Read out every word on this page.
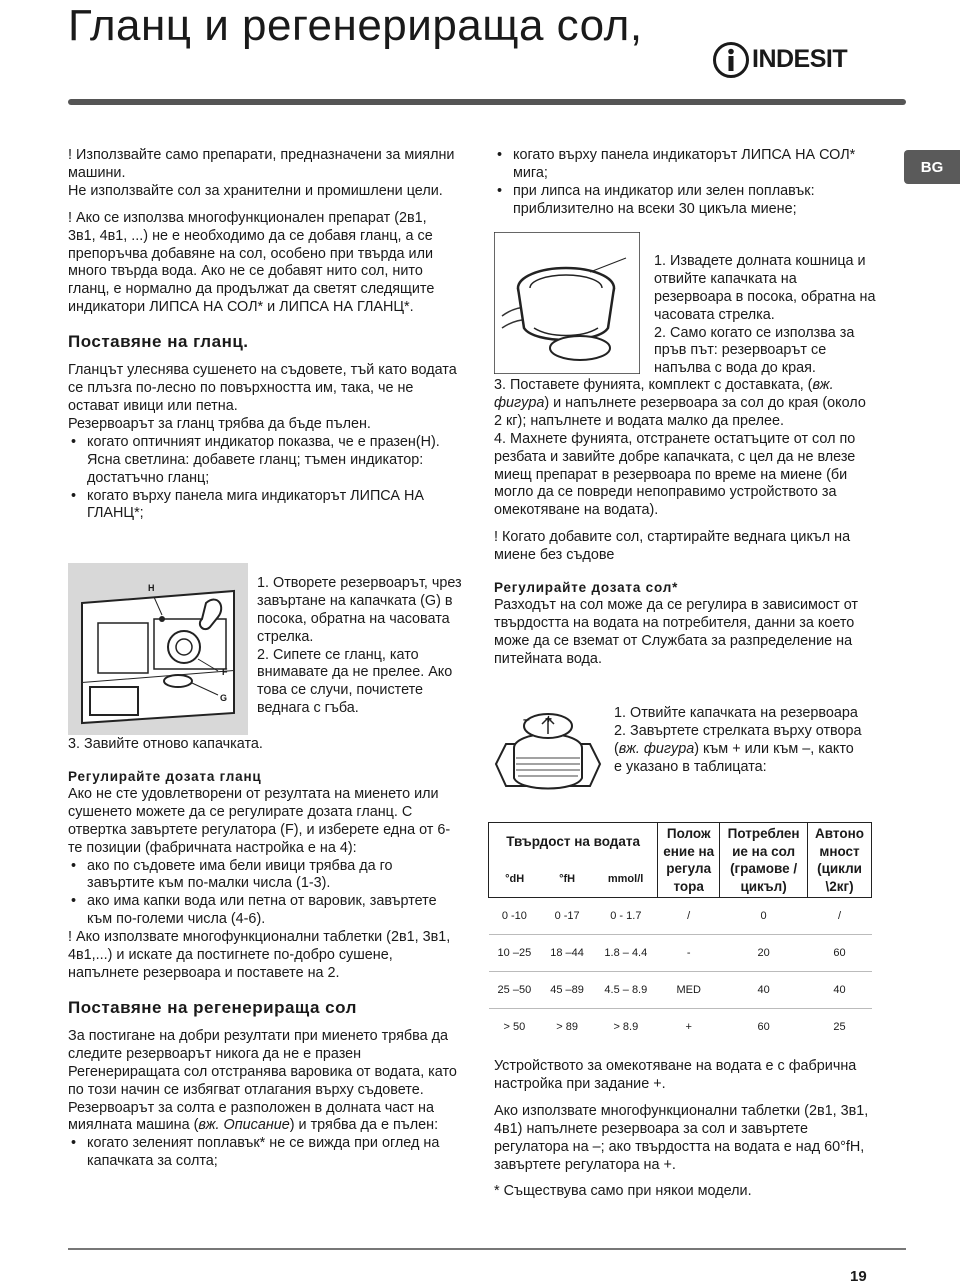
Гланц и регенерираща сол,
INDESIT
BG

! Използвайте само препарати, предназначени за миялни машини.

Не използвайте сол за хранителни и промишлени цели.

! Ако се използва многофункционален препарат (2в1, 3в1, 4в1, ...) не е необходимо да се добавя гланц, а се препоръчва добавяне на сол, особено при твърда или много твърда вода. Ако не се добавят нито сол, нито гланц, е нормално да продължат да светят следящите индикатори ЛИПСА НА СОЛ* и ЛИПСА НА ГЛАНЦ*.

Поставяне на гланц.

Гланцът улеснява сушенето на съдовете, тъй като водата се плъзга по-лесно по повърхността им, така, че не остават ивици или петна.

Резервоарът за гланц трябва да бъде пълен.

• когато оптичният индикатор показва, че е празен(H). Ясна светлина: добавете гланц; тъмен индикатор: достатъчно гланц;
• когато върху панела мига индикаторът ЛИПСА НА ГЛАНЦ*;
H
F
G

1. Отворете резервоарът, чрез завъртане на капачката (G) в посока, обратна на часовата стрелка.
2. Сипете се гланц, като внимавате да не прелее. Ако това се случи, почистете веднага с гъба.

3. Завийте отново капачката.

Регулирайте дозата гланц

Ако не сте удовлетворени от резултата на миенето или сушенето можете да се регулирате дозата гланц. С отвертка завъртете регулатора (F), и изберете една от 6-те позиции (фабричната настройка е на 4):

• ако по съдовете има бели ивици трябва да го завъртите към по-малки числа (1-3).
• ако има капки вода или петна от варовик, завъртете към по-големи числа (4-6).

! Ако използвате многофункционални таблетки (2в1, 3в1, 4в1,...) и искате да постигнете по-добро сушене, напълнете резервоара и поставете на 2.

Поставяне на регенерираща сол

За постигане на добри резултати при миенето трябва да следите резервоарът никога да не е празен Регенериращата сол отстранява варовика от водата, като по този начин се избягват отлагания върху съдовете. Резервоарът за солта е разположен в долната част на миялната машина (вж. Описание) и трябва да е пълен:

• когато зеленият поплавък* не се вижда при оглед на капачката за солта;
• когато върху панела индикаторът ЛИПСА НА СОЛ* мига;
• при липса на индикатор или зелен поплавък: приблизително на всеки 30 цикъла миене;

1. Извадете долната кошница и отвийте капачката на резервоара в посока, обратна на часовата стрелка.
2. Само когато се използва за пръв път: резервоарът се напълва с вода до края.

3. Поставете фунията, комплект с доставката, (вж. фигура) и напълнете резервоара за сол до края (около 2 кг); напълнете и водата малко да прелее.

4. Махнете фунията, отстранете остатъците от сол по резбата и завийте добре капачката, с цел да не влезе миещ препарат в резервоара по време на миене (би могло да се повреди непоправимо устройството за омекотяване на водата).

! Когато добавите сол, стартирайте веднага цикъл на миене без съдове

Регулирайте дозата сол*

Разходът на сол може да се регулира в зависимост от твърдостта на водата на потребителя, данни за което може да се вземат от Службата за разпределение на питейната вода.

– +	1. Отвийте капачката на резервоара

2. Завъртете стрелката върху отвора (вж. фигура) към + или към –, както е указано в таблицата:

Твърдост на водата			Полож ение на регула тора	Потреблен ие на сол (грамове /цикъл)	Автоно мност (цикли \2кг)
°dH	°fH	mmol/l			
0 -10	0 -17	0 - 1.7	/	0	/
10 –25	18 –44	1.8 – 4.4	-	20	60
25 –50	45 –89	4.5 – 8.9	MED	40	40
> 50	> 89	> 8.9	+	60	25

Устройството за омекотяване на водата е с фабрична настройка при задание +.

Ако използвате многофункционални таблетки (2в1, 3в1, 4в1) напълнете резервоара за сол и завъртете регулатора на –; ако твърдостта на водата е над 60°fH, завъртете регулатора на +.

* Съществува само при някои модели.

19
